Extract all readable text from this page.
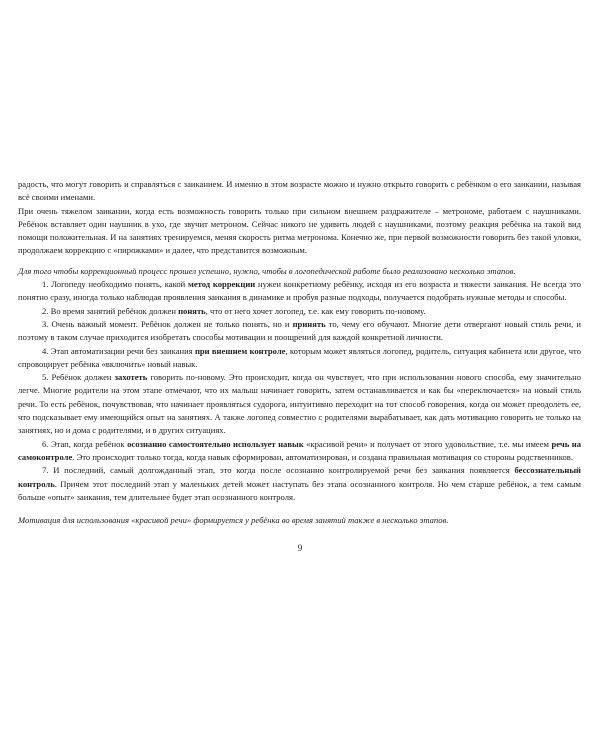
радость, что могут говорить и справляться с заиканием. И именно в этом возрасте можно и нужно открыто говорить с ребёнком о его заикании, называя всё своими именами.

При очень тяжелом заикании, когда есть возможность говорить только при сильном внешнем раздражителе – метрономе, работаем с наушниками. Ребёнок вставляет один наушник в ухо, где звучит метроном. Сейчас никого не удивить людей с наушниками, поэтому реакция ребёнка на такой вид помощи положительная. И на занятиях тренируемся, меняя скорость ритма метронома. Конечно же, при первой возможности говорить без такой уловки, продолжаем коррекцию с «пирожками» и далее, что представится возможным.

Для того чтобы коррекционный процесс прошел успешно, нужно, чтобы в логопедической работе было реализовано несколько этапов.

1. Логопеду необходимо понять, какой метод коррекции нужен конкретному ребёнку, исходя из его возраста и тяжести заикания. Не всегда это понятно сразу, иногда только наблюдая проявления заикания в динамике и пробуя разные подходы, получается подобрать нужные методы и способы.

2. Во время занятий ребёнок должен понять, что от него хочет логопед, т.е. как ему говорить по-новому.

3. Очень важный момент. Ребёнок должен не только понять, но и принять то, чему его обучают. Многие дети отвергают новый стиль речи, и поэтому в таком случае приходится изобретать способы мотивации и поощрений для каждой конкретной личности.

4. Этап автоматизации речи без заикания при внешнем контроле, которым может являться логопед, родитель, ситуация кабинета или другое, что спровоцирует ребёнка «включить» новый навык.

5. Ребёнок должен захотеть говорить по-новому. Это происходит, когда он чувствует, что при использовании нового способа, ему значительно легче. Многие родители на этом этапе отмечают, что их малыш начинает говорить, затем останавливается и как бы «переключается» на новый стиль речи. То есть ребёнок, почувствовав, что начинает проявляться судорога, интуитивно переходит на тот способ говорения, когда он может преодолеть ее, что подсказывает ему имеющийся опыт на занятиях. А также логопед совместно с родителями вырабатывает, как дать мотивацию говорить не только на занятиях, но и дома с родителями, и в других ситуациях.

6. Этап, когда ребёнок осознанно самостоятельно использует навык «красивой речи» и получает от этого удовольствие, т.е. мы имеем речь на самоконтроле. Это происходит только тогда, когда навык сформирован, автоматизирован, и создана правильная мотивация со стороны родственников.

7. И последний, самый долгожданный этап, это когда после осознанно контролируемой речи без заикания появляется бессознательный контроль. Причем этот последний этап у маленьких детей может наступать без этапа осознанного контроля. Но чем старше ребёнок, а тем самым больше «опыт» заикания, тем длительнее будет этап осознанного контроля.

Мотивация для использования «красивой речи» формируется у ребёнка во время занятий также в несколько этапов.

9
